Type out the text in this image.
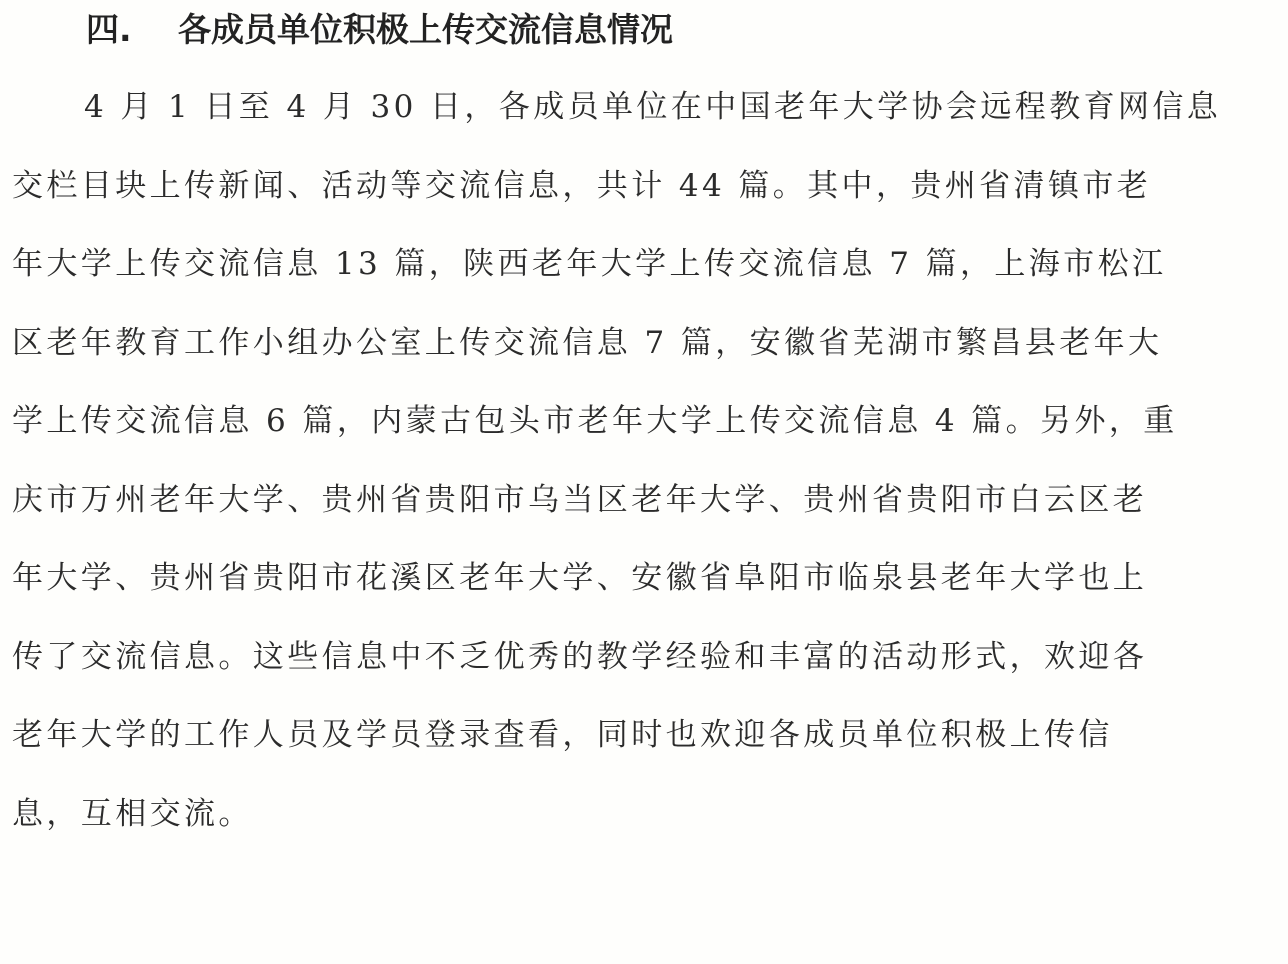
四. 各成员单位积极上传交流信息情况
4 月 1 日至 4 月 30 日，各成员单位在中国老年大学协会远程教育网信息
交栏目块上传新闻、活动等交流信息，共计 44 篇。其中，贵州省清镇市老
年大学上传交流信息 13 篇，陕西老年大学上传交流信息 7 篇，上海市松江
区老年教育工作小组办公室上传交流信息 7 篇，安徽省芜湖市繁昌县老年大
学上传交流信息 6 篇，内蒙古包头市老年大学上传交流信息 4 篇。另外，重
庆市万州老年大学、贵州省贵阳市乌当区老年大学、贵州省贵阳市白云区老
年大学、贵州省贵阳市花溪区老年大学、安徽省阜阳市临泉县老年大学也上
传了交流信息。这些信息中不乏优秀的教学经验和丰富的活动形式，欢迎各
老年大学的工作人员及学员登录查看，同时也欢迎各成员单位积极上传信
息，互相交流。
